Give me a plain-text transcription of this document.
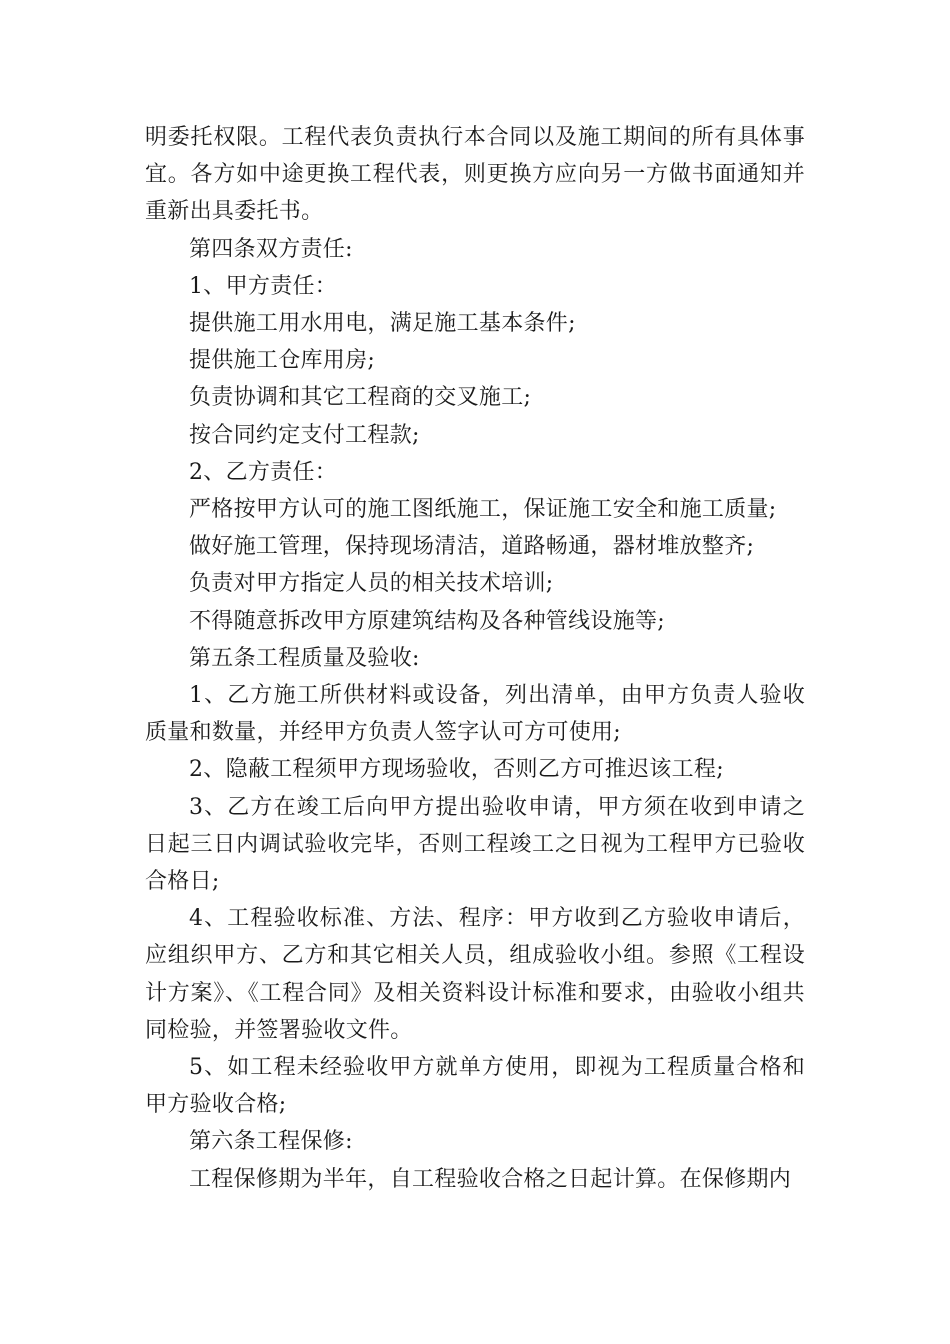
明委托权限。工程代表负责执行本合同以及施工期间的所有具体事宜。各方如中途更换工程代表，则更换方应向另一方做书面通知并重新出具委托书。

第四条双方责任:

1、甲方责任：

提供施工用水用电，满足施工基本条件;

提供施工仓库用房;

负责协调和其它工程商的交叉施工;

按合同约定支付工程款;

2、乙方责任：

严格按甲方认可的施工图纸施工，保证施工安全和施工质量;

做好施工管理，保持现场清洁，道路畅通，器材堆放整齐;

负责对甲方指定人员的相关技术培训;

不得随意拆改甲方原建筑结构及各种管线设施等;

第五条工程质量及验收:

1、乙方施工所供材料或设备，列出清单，由甲方负责人验收质量和数量，并经甲方负责人签字认可方可使用;

2、隐蔽工程须甲方现场验收，否则乙方可推迟该工程;

3、乙方在竣工后向甲方提出验收申请，甲方须在收到申请之日起三日内调试验收完毕，否则工程竣工之日视为工程甲方已验收合格日;

4、工程验收标准、方法、程序：甲方收到乙方验收申请后，应组织甲方、乙方和其它相关人员，组成验收小组。参照《工程设计方案》、《工程合同》及相关资料设计标准和要求，由验收小组共同检验，并签署验收文件。

5、如工程未经验收甲方就单方使用，即视为工程质量合格和甲方验收合格;

第六条工程保修:

工程保修期为半年，自工程验收合格之日起计算。在保修期内
